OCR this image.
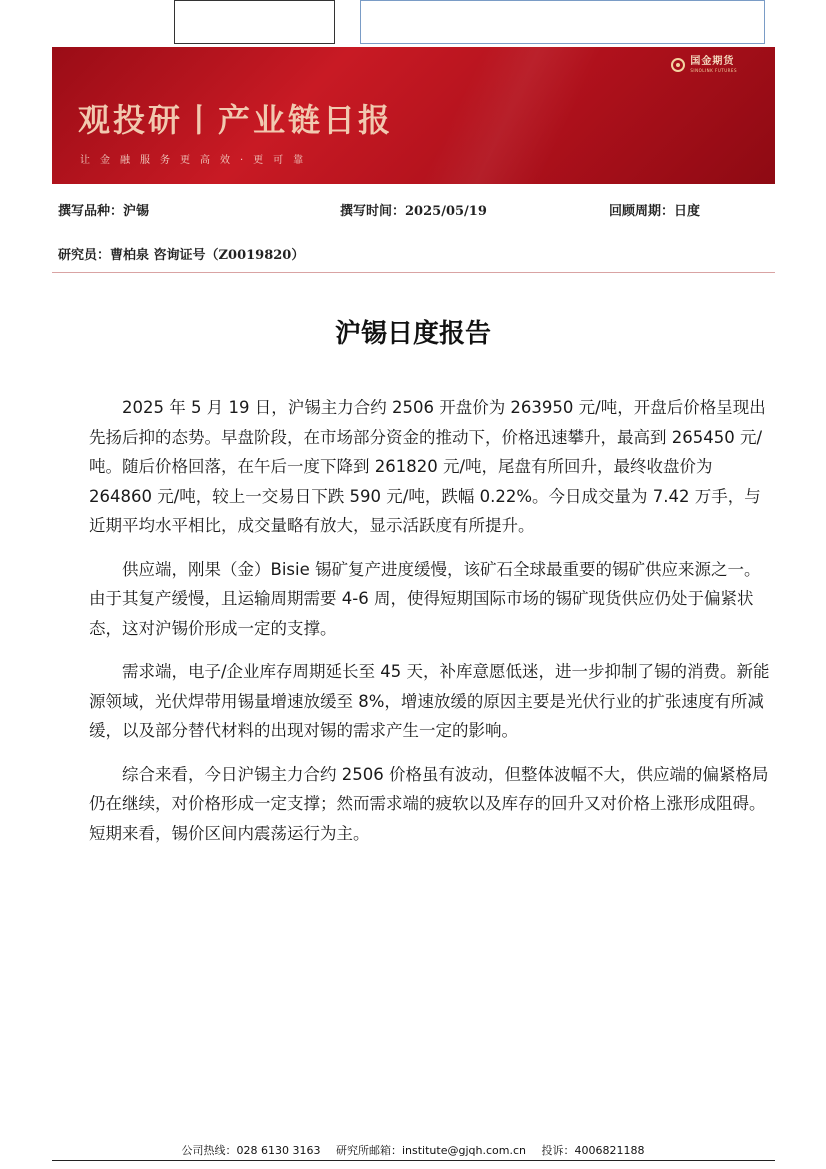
观投研丨产业链日报
让金融服务更高效·更可靠
国金期货
SINOLINK FUTURES
撰写品种：沪锡	撰写时间：2025/05/19	回顾周期：日度
研究员：曹柏泉 咨询证号（Z0019820）
沪锡日度报告

2025 年 5 月 19 日，沪锡主力合约 2506 开盘价为 263950 元/吨，开盘后价格呈现出先扬后抑的态势。早盘阶段，在市场部分资金的推动下，价格迅速攀升，最高到 265450 元/吨。随后价格回落，在午后一度下降到 261820 元/吨，尾盘有所回升，最终收盘价为 264860 元/吨，较上一交易日下跌 590 元/吨，跌幅 0.22%。今日成交量为 7.42 万手，与近期平均水平相比，成交量略有放大，显示活跃度有所提升。

供应端，刚果（金）Bisie 锡矿复产进度缓慢，该矿石全球最重要的锡矿供应来源之一。由于其复产缓慢，且运输周期需要 4-6 周，使得短期国际市场的锡矿现货供应仍处于偏紧状态，这对沪锡价形成一定的支撑。

需求端，电子/企业库存周期延长至 45 天，补库意愿低迷，进一步抑制了锡的消费。新能源领域，光伏焊带用锡量增速放缓至 8%，增速放缓的原因主要是光伏行业的扩张速度有所减缓，以及部分替代材料的出现对锡的需求产生一定的影响。

综合来看，今日沪锡主力合约 2506 价格虽有波动，但整体波幅不大，供应端的偏紧格局仍在继续，对价格形成一定支撑；然而需求端的疲软以及库存的回升又对价格上涨形成阻碍。短期来看，锡价区间内震荡运行为主。

公司热线：028 6130 3163 研究所邮箱：institute@gjqh.com.cn 投诉：4006821188
